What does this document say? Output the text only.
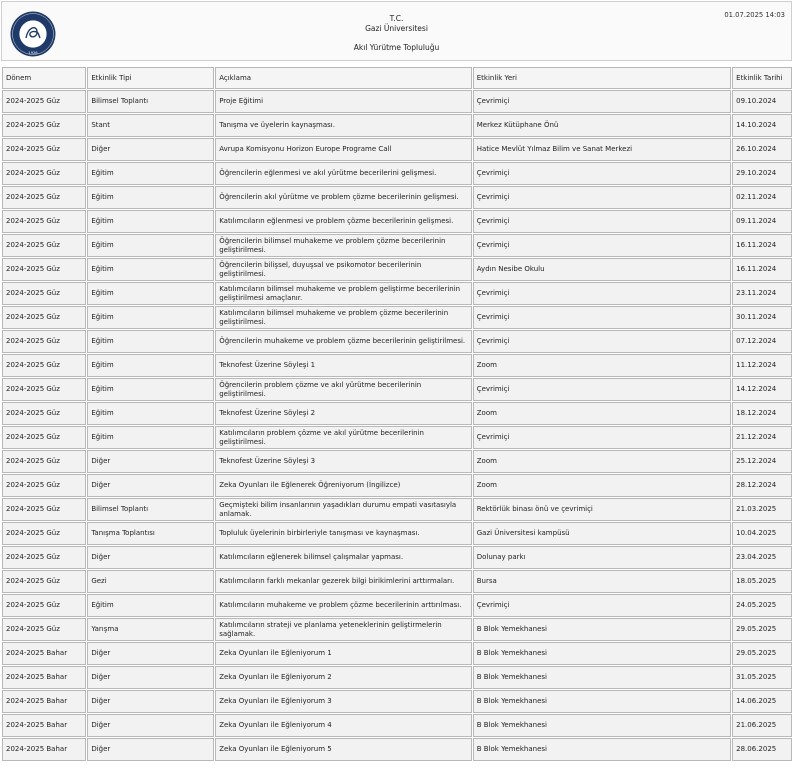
1926
T.C.
Gazi Üniversitesi
Akıl Yürütme Topluluğu
01.07.2025 14:03
Dönem	Etkinlik Tipi	Açıklama	Etkinlik Yeri	Etkinlik Tarihi
2024-2025 Güz	Bilimsel Toplantı	Proje Eğitimi	Çevrimiçi	09.10.2024
2024-2025 Güz	Stant	Tanışma ve üyelerin kaynaşması.	Merkez Kütüphane Önü	14.10.2024
2024-2025 Güz	Diğer	Avrupa Komisyonu Horizon Europe Programe Call	Hatice Mevlüt Yılmaz Bilim ve Sanat Merkezi	26.10.2024
2024-2025 Güz	Eğitim	Öğrencilerin eğlenmesi ve akıl yürütme becerilerini gelişmesi.	Çevrimiçi	29.10.2024
2024-2025 Güz	Eğitim	Öğrencilerin akıl yürütme ve problem çözme becerilerinin gelişmesi.	Çevrimiçi	02.11.2024
2024-2025 Güz	Eğitim	Katılımcıların eğlenmesi ve problem çözme becerilerinin gelişmesi.	Çevrimiçi	09.11.2024
2024-2025 Güz	Eğitim	Öğrencilerin bilimsel muhakeme ve problem çözme becerilerinin geliştirilmesi.	Çevrimiçi	16.11.2024
2024-2025 Güz	Eğitim	Öğrencilerin bilişsel, duyuşsal ve psikomotor becerilerinin geliştirilmesi.	Aydın Nesibe Okulu	16.11.2024
2024-2025 Güz	Eğitim	Katılımcıların bilimsel muhakeme ve problem geliştirme becerilerinin geliştirilmesi amaçlanır.	Çevrimiçi	23.11.2024
2024-2025 Güz	Eğitim	Katılımcıların bilimsel muhakeme ve problem çözme becerilerinin geliştirilmesi.	Çevrimiçi	30.11.2024
2024-2025 Güz	Eğitim	Öğrencilerin muhakeme ve problem çözme becerilerinin geliştirilmesi.	Çevrimiçi	07.12.2024
2024-2025 Güz	Eğitim	Teknofest Üzerine Söyleşi 1	Zoom	11.12.2024
2024-2025 Güz	Eğitim	Öğrencilerin problem çözme ve akıl yürütme becerilerinin geliştirilmesi.	Çevrimiçi	14.12.2024
2024-2025 Güz	Eğitim	Teknofest Üzerine Söyleşi 2	Zoom	18.12.2024
2024-2025 Güz	Eğitim	Katılımcıların problem çözme ve akıl yürütme becerilerinin geliştirilmesi.	Çevrimiçi	21.12.2024
2024-2025 Güz	Diğer	Teknofest Üzerine Söyleşi 3	Zoom	25.12.2024
2024-2025 Güz	Diğer	Zeka Oyunları ile Eğlenerek Öğreniyorum (İngilizce)	Zoom	28.12.2024
2024-2025 Güz	Bilimsel Toplantı	Geçmişteki bilim insanlarının yaşadıkları durumu empati vasıtasıyla anlamak.	Rektörlük binası önü ve çevrimiçi	21.03.2025
2024-2025 Güz	Tanışma Toplantısı	Topluluk üyelerinin birbirleriyle tanışması ve kaynaşması.	Gazi Üniversitesi kampüsü	10.04.2025
2024-2025 Güz	Diğer	Katılımcıların eğlenerek bilimsel çalışmalar yapması.	Dolunay parkı	23.04.2025
2024-2025 Güz	Gezi	Katılımcıların farklı mekanlar gezerek bilgi birikimlerini arttırmaları.	Bursa	18.05.2025
2024-2025 Güz	Eğitim	Katılımcıların muhakeme ve problem çözme becerilerinin arttırılması.	Çevrimiçi	24.05.2025
2024-2025 Güz	Yarışma	Katılımcıların strateji ve planlama yeteneklerinin geliştirmelerin sağlamak.	B Blok Yemekhanesi	29.05.2025
2024-2025 Bahar	Diğer	Zeka Oyunları ile Eğleniyorum 1	B Blok Yemekhanesi	29.05.2025
2024-2025 Bahar	Diğer	Zeka Oyunları ile Eğleniyorum 2	B Blok Yemekhanesi	31.05.2025
2024-2025 Bahar	Diğer	Zeka Oyunları ile Eğleniyorum 3	B Blok Yemekhanesi	14.06.2025
2024-2025 Bahar	Diğer	Zeka Oyunları ile Eğleniyorum 4	B Blok Yemekhanesi	21.06.2025
2024-2025 Bahar	Diğer	Zeka Oyunları ile Eğleniyorum 5	B Blok Yemekhanesi	28.06.2025
